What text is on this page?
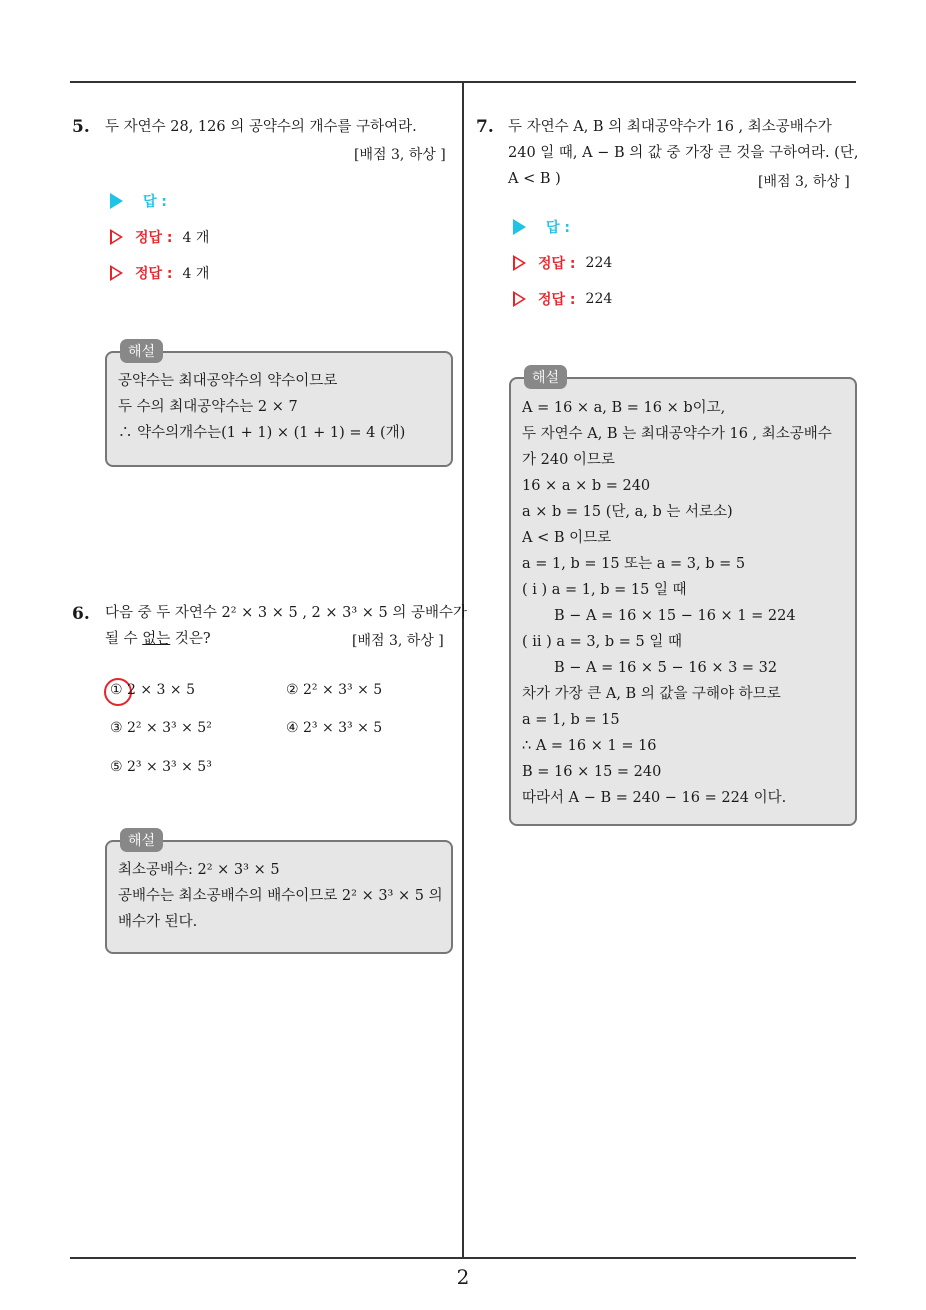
5. 두 자연수 28, 126 의 공약수의 개수를 구하여라.
[배점 3, 하상 ]
답 :
정답 : 4 개
정답 : 4 개
해설
공약수는 최대공약수의 약수이므로
두 수의 최대공약수는 2 × 7
∴ 약수의개수는(1 + 1) × (1 + 1) = 4 (개)
6. 다음 중 두 자연수 2² × 3 × 5 , 2 × 3³ × 5 의 공배수가
될 수 없는 것은?	[배점 3, 하상 ]
① 2 × 3 × 5	② 2² × 3³ × 5
③ 2² × 3³ × 5²	④ 2³ × 3³ × 5
⑤ 2³ × 3³ × 5³
해설
최소공배수: 2² × 3³ × 5
공배수는 최소공배수의 배수이므로 2² × 3³ × 5 의
배수가 된다.
7. 두 자연수 A, B 의 최대공약수가 16 , 최소공배수가
240 일 때, A − B 의 값 중 가장 큰 것을 구하여라. (단,
A < B )	[배점 3, 하상 ]
답 :
정답 : 224
정답 : 224
해설
A = 16 × a, B = 16 × b이고,
두 자연수 A, B 는 최대공약수가 16 , 최소공배수
가 240 이므로
16 × a × b = 240
a × b = 15 (단, a, b 는 서로소)
A < B 이므로
a = 1, b = 15 또는 a = 3, b = 5
( i ) a = 1, b = 15 일 때
B − A = 16 × 15 − 16 × 1 = 224
( ii ) a = 3, b = 5 일 때
B − A = 16 × 5 − 16 × 3 = 32
차가 가장 큰 A, B 의 값을 구해야 하므로
a = 1, b = 15
∴ A = 16 × 1 = 16
B = 16 × 15 = 240
따라서 A − B = 240 − 16 = 224 이다.
2
